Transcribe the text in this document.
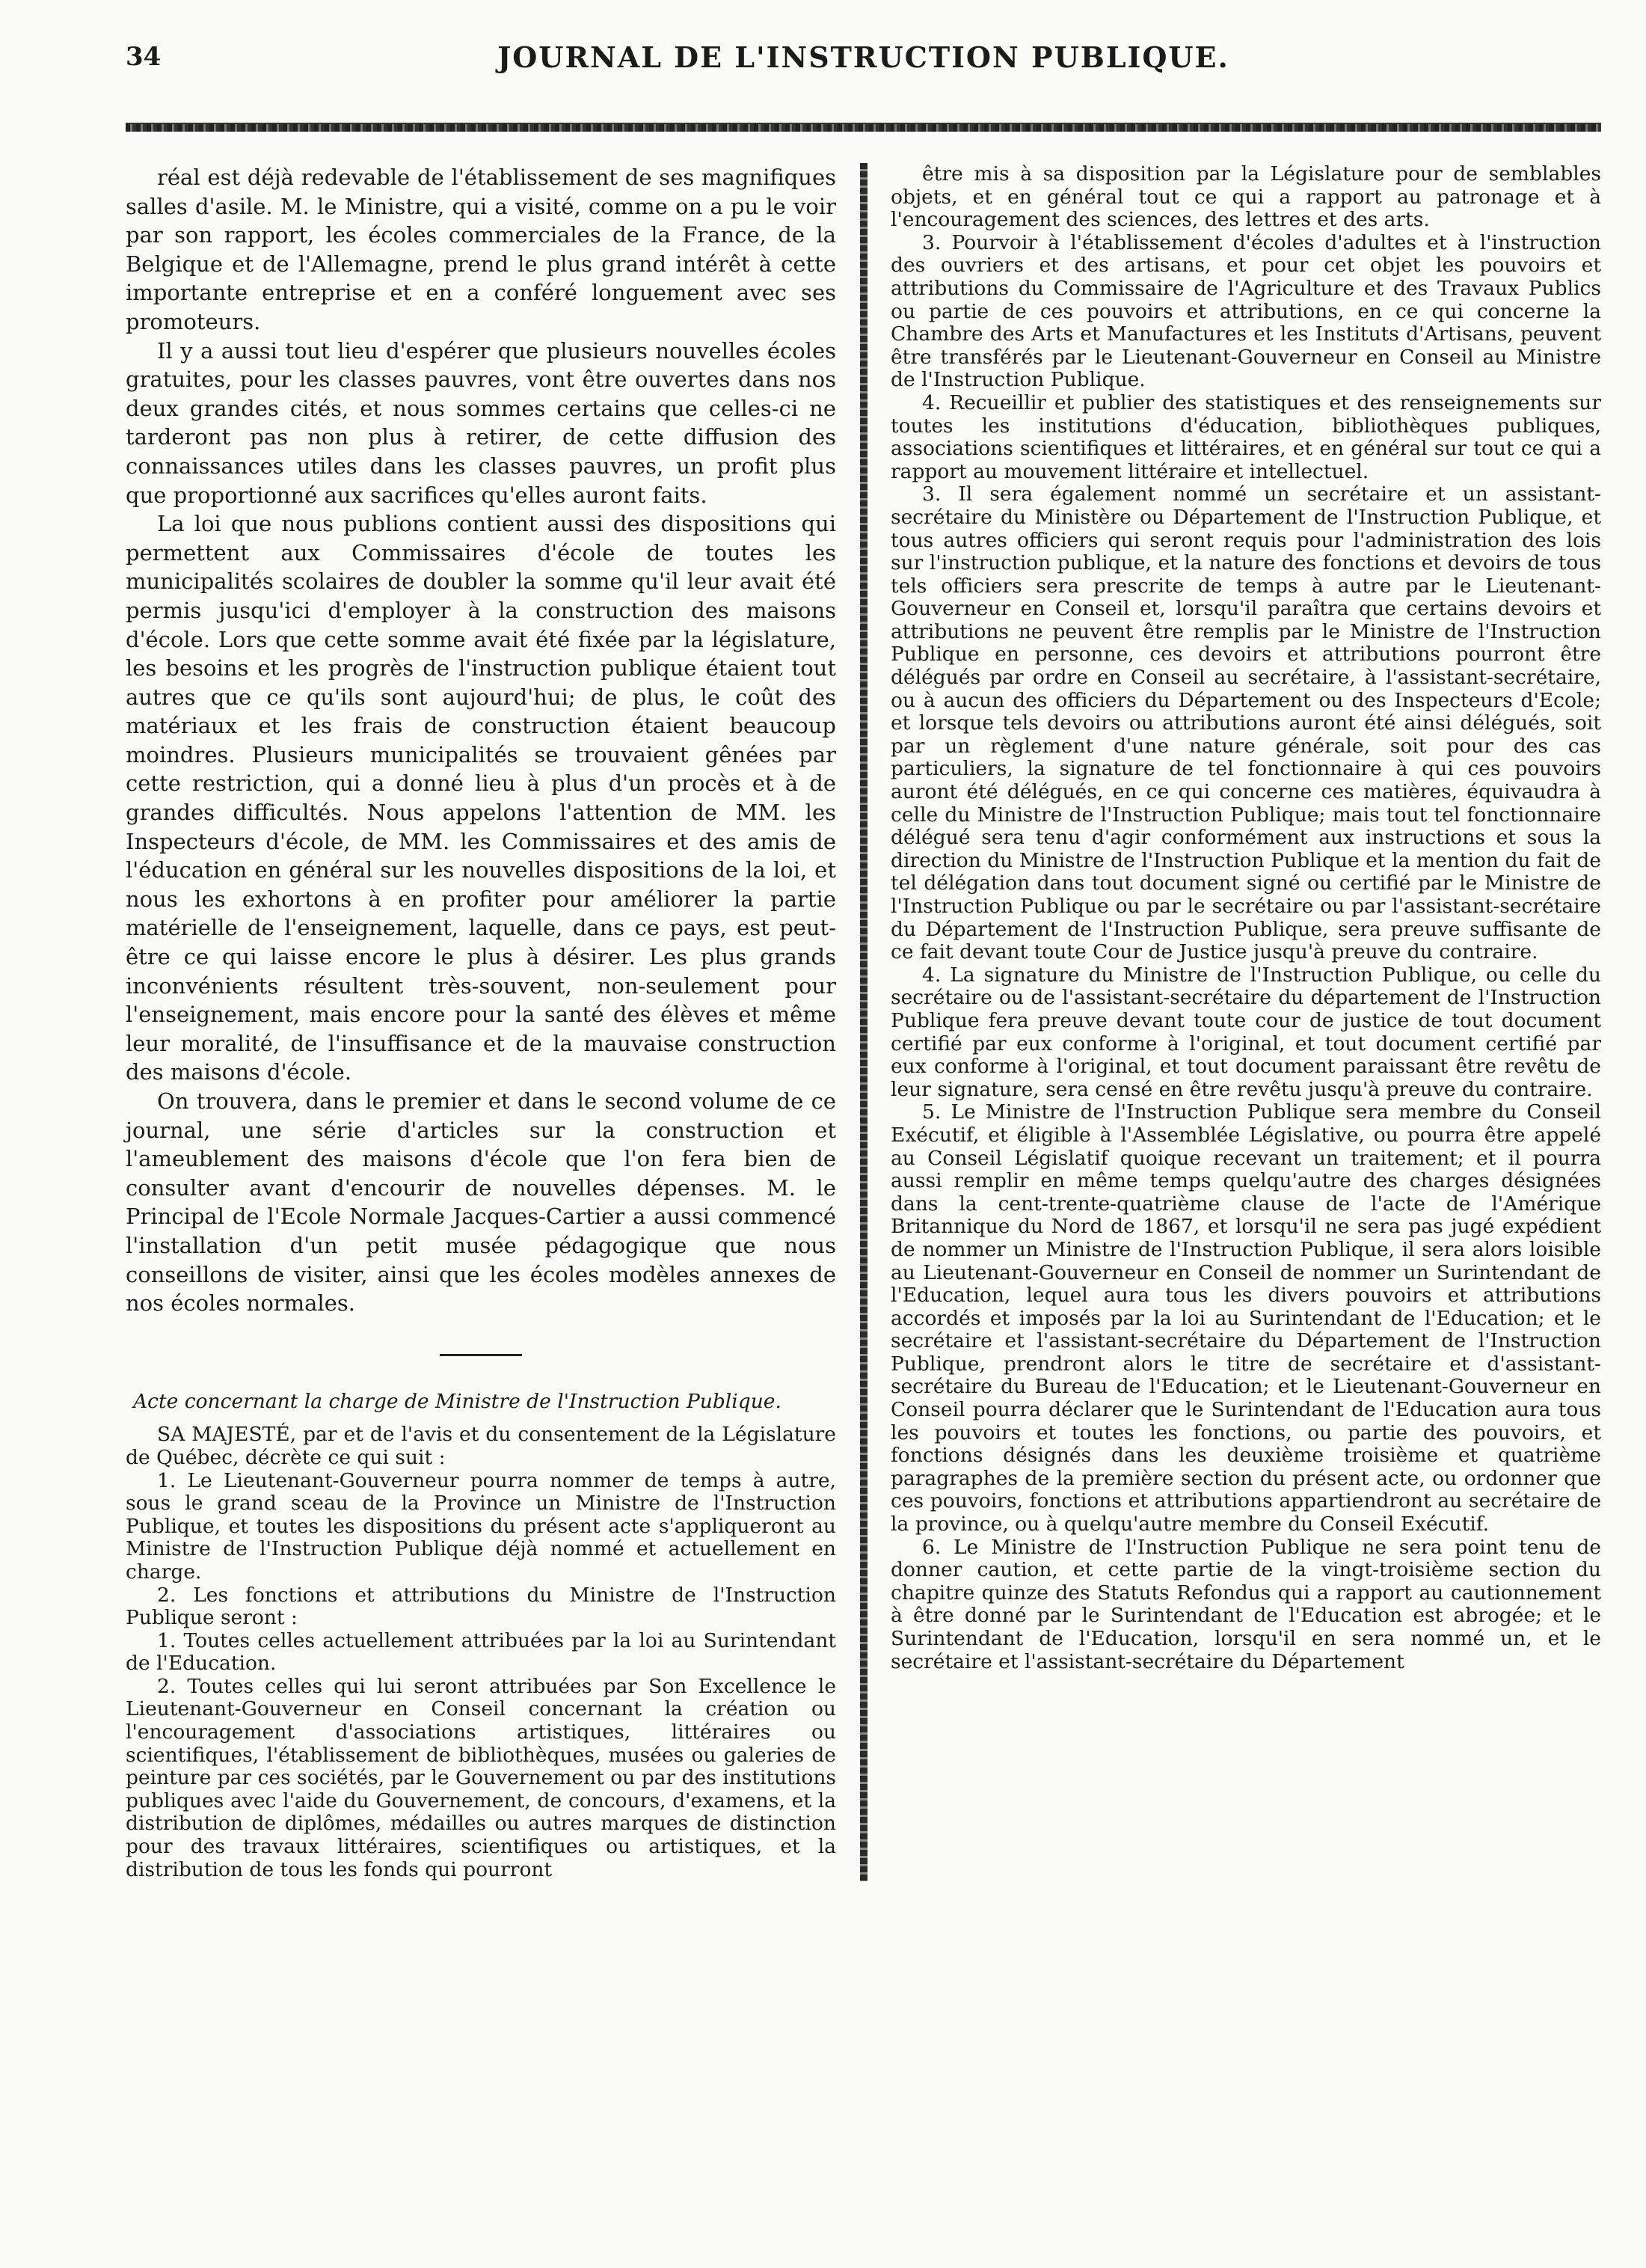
34	JOURNAL DE L'INSTRUCTION PUBLIQUE.

réal est déjà redevable de l'établissement de ses magnifiques salles d'asile. M. le Ministre, qui a visité, comme on a pu le voir par son rapport, les écoles commerciales de la France, de la Belgique et de l'Allemagne, prend le plus grand intérêt à cette importante entreprise et en a conféré longuement avec ses promoteurs.

Il y a aussi tout lieu d'espérer que plusieurs nouvelles écoles gratuites, pour les classes pauvres, vont être ouvertes dans nos deux grandes cités, et nous sommes certains que celles-ci ne tarderont pas non plus à retirer, de cette diffusion des connaissances utiles dans les classes pauvres, un profit plus que proportionné aux sacrifices qu'elles auront faits.

La loi que nous publions contient aussi des dispositions qui permettent aux Commissaires d'école de toutes les municipalités scolaires de doubler la somme qu'il leur avait été permis jusqu'ici d'employer à la construction des maisons d'école. Lors que cette somme avait été fixée par la législature, les besoins et les progrès de l'instruction publique étaient tout autres que ce qu'ils sont aujourd'hui; de plus, le coût des matériaux et les frais de construction étaient beaucoup moindres. Plusieurs municipalités se trouvaient gênées par cette restriction, qui a donné lieu à plus d'un procès et à de grandes difficultés. Nous appelons l'attention de MM. les Inspecteurs d'école, de MM. les Commissaires et des amis de l'éducation en général sur les nouvelles dispositions de la loi, et nous les exhortons à en profiter pour améliorer la partie matérielle de l'enseignement, laquelle, dans ce pays, est peut-être ce qui laisse encore le plus à désirer. Les plus grands inconvénients résultent très-souvent, non-seulement pour l'enseignement, mais encore pour la santé des élèves et même leur moralité, de l'insuffisance et de la mauvaise construction des maisons d'école.

On trouvera, dans le premier et dans le second volume de ce journal, une série d'articles sur la construction et l'ameublement des maisons d'école que l'on fera bien de consulter avant d'encourir de nouvelles dépenses. M. le Principal de l'Ecole Normale Jacques-Cartier a aussi commencé l'installation d'un petit musée pédagogique que nous conseillons de visiter, ainsi que les écoles modèles annexes de nos écoles normales.

Acte concernant la charge de Ministre de l'Instruction Publique.

SA MAJESTÉ, par et de l'avis et du consentement de la Législature de Québec, décrète ce qui suit :

1. Le Lieutenant-Gouverneur pourra nommer de temps à autre, sous le grand sceau de la Province un Ministre de l'Instruction Publique, et toutes les dispositions du présent acte s'appliqueront au Ministre de l'Instruction Publique déjà nommé et actuellement en charge.

2. Les fonctions et attributions du Ministre de l'Instruction Publique seront :

1. Toutes celles actuellement attribuées par la loi au Surintendant de l'Education.

2. Toutes celles qui lui seront attribuées par Son Excellence le Lieutenant-Gouverneur en Conseil concernant la création ou l'encouragement d'associations artistiques, littéraires ou scientifiques, l'établissement de bibliothèques, musées ou galeries de peinture par ces sociétés, par le Gouvernement ou par des institutions publiques avec l'aide du Gouvernement, de concours, d'examens, et la distribution de diplômes, médailles ou autres marques de distinction pour des travaux littéraires, scientifiques ou artistiques, et la distribution de tous les fonds qui pourront

être mis à sa disposition par la Législature pour de semblables objets, et en général tout ce qui a rapport au patronage et à l'encouragement des sciences, des lettres et des arts.

3. Pourvoir à l'établissement d'écoles d'adultes et à l'instruction des ouvriers et des artisans, et pour cet objet les pouvoirs et attributions du Commissaire de l'Agriculture et des Travaux Publics ou partie de ces pouvoirs et attributions, en ce qui concerne la Chambre des Arts et Manufactures et les Instituts d'Artisans, peuvent être transférés par le Lieutenant-Gouverneur en Conseil au Ministre de l'Instruction Publique.

4. Recueillir et publier des statistiques et des renseignements sur toutes les institutions d'éducation, bibliothèques publiques, associations scientifiques et littéraires, et en général sur tout ce qui a rapport au mouvement littéraire et intellectuel.

3. Il sera également nommé un secrétaire et un assistant-secrétaire du Ministère ou Département de l'Instruction Publique, et tous autres officiers qui seront requis pour l'administration des lois sur l'instruction publique, et la nature des fonctions et devoirs de tous tels officiers sera prescrite de temps à autre par le Lieutenant-Gouverneur en Conseil et, lorsqu'il paraîtra que certains devoirs et attributions ne peuvent être remplis par le Ministre de l'Instruction Publique en personne, ces devoirs et attributions pourront être délégués par ordre en Conseil au secrétaire, à l'assistant-secrétaire, ou à aucun des officiers du Département ou des Inspecteurs d'Ecole; et lorsque tels devoirs ou attributions auront été ainsi délégués, soit par un règlement d'une nature générale, soit pour des cas particuliers, la signature de tel fonctionnaire à qui ces pouvoirs auront été délégués, en ce qui concerne ces matières, équivaudra à celle du Ministre de l'Instruction Publique; mais tout tel fonctionnaire délégué sera tenu d'agir conformément aux instructions et sous la direction du Ministre de l'Instruction Publique et la mention du fait de tel délégation dans tout document signé ou certifié par le Ministre de l'Instruction Publique ou par le secrétaire ou par l'assistant-secrétaire du Département de l'Instruction Publique, sera preuve suffisante de ce fait devant toute Cour de Justice jusqu'à preuve du contraire.

4. La signature du Ministre de l'Instruction Publique, ou celle du secrétaire ou de l'assistant-secrétaire du département de l'Instruction Publique fera preuve devant toute cour de justice de tout document certifié par eux conforme à l'original, et tout document certifié par eux conforme à l'original, et tout document paraissant être revêtu de leur signature, sera censé en être revêtu jusqu'à preuve du contraire.

5. Le Ministre de l'Instruction Publique sera membre du Conseil Exécutif, et éligible à l'Assemblée Législative, ou pourra être appelé au Conseil Législatif quoique recevant un traitement; et il pourra aussi remplir en même temps quelqu'autre des charges désignées dans la cent-trente-quatrième clause de l'acte de l'Amérique Britannique du Nord de 1867, et lorsqu'il ne sera pas jugé expédient de nommer un Ministre de l'Instruction Publique, il sera alors loisible au Lieutenant-Gouverneur en Conseil de nommer un Surintendant de l'Education, lequel aura tous les divers pouvoirs et attributions accordés et imposés par la loi au Surintendant de l'Education; et le secrétaire et l'assistant-secrétaire du Département de l'Instruction Publique, prendront alors le titre de secrétaire et d'assistant-secrétaire du Bureau de l'Education; et le Lieutenant-Gouverneur en Conseil pourra déclarer que le Surintendant de l'Education aura tous les pouvoirs et toutes les fonctions, ou partie des pouvoirs, et fonctions désignés dans les deuxième troisième et quatrième paragraphes de la première section du présent acte, ou ordonner que ces pouvoirs, fonctions et attributions appartiendront au secrétaire de la province, ou à quelqu'autre membre du Conseil Exécutif.

6. Le Ministre de l'Instruction Publique ne sera point tenu de donner caution, et cette partie de la vingt-troisième section du chapitre quinze des Statuts Refondus qui a rapport au cautionnement à être donné par le Surintendant de l'Education est abrogée; et le Surintendant de l'Education, lorsqu'il en sera nommé un, et le secrétaire et l'assistant-secrétaire du Département
